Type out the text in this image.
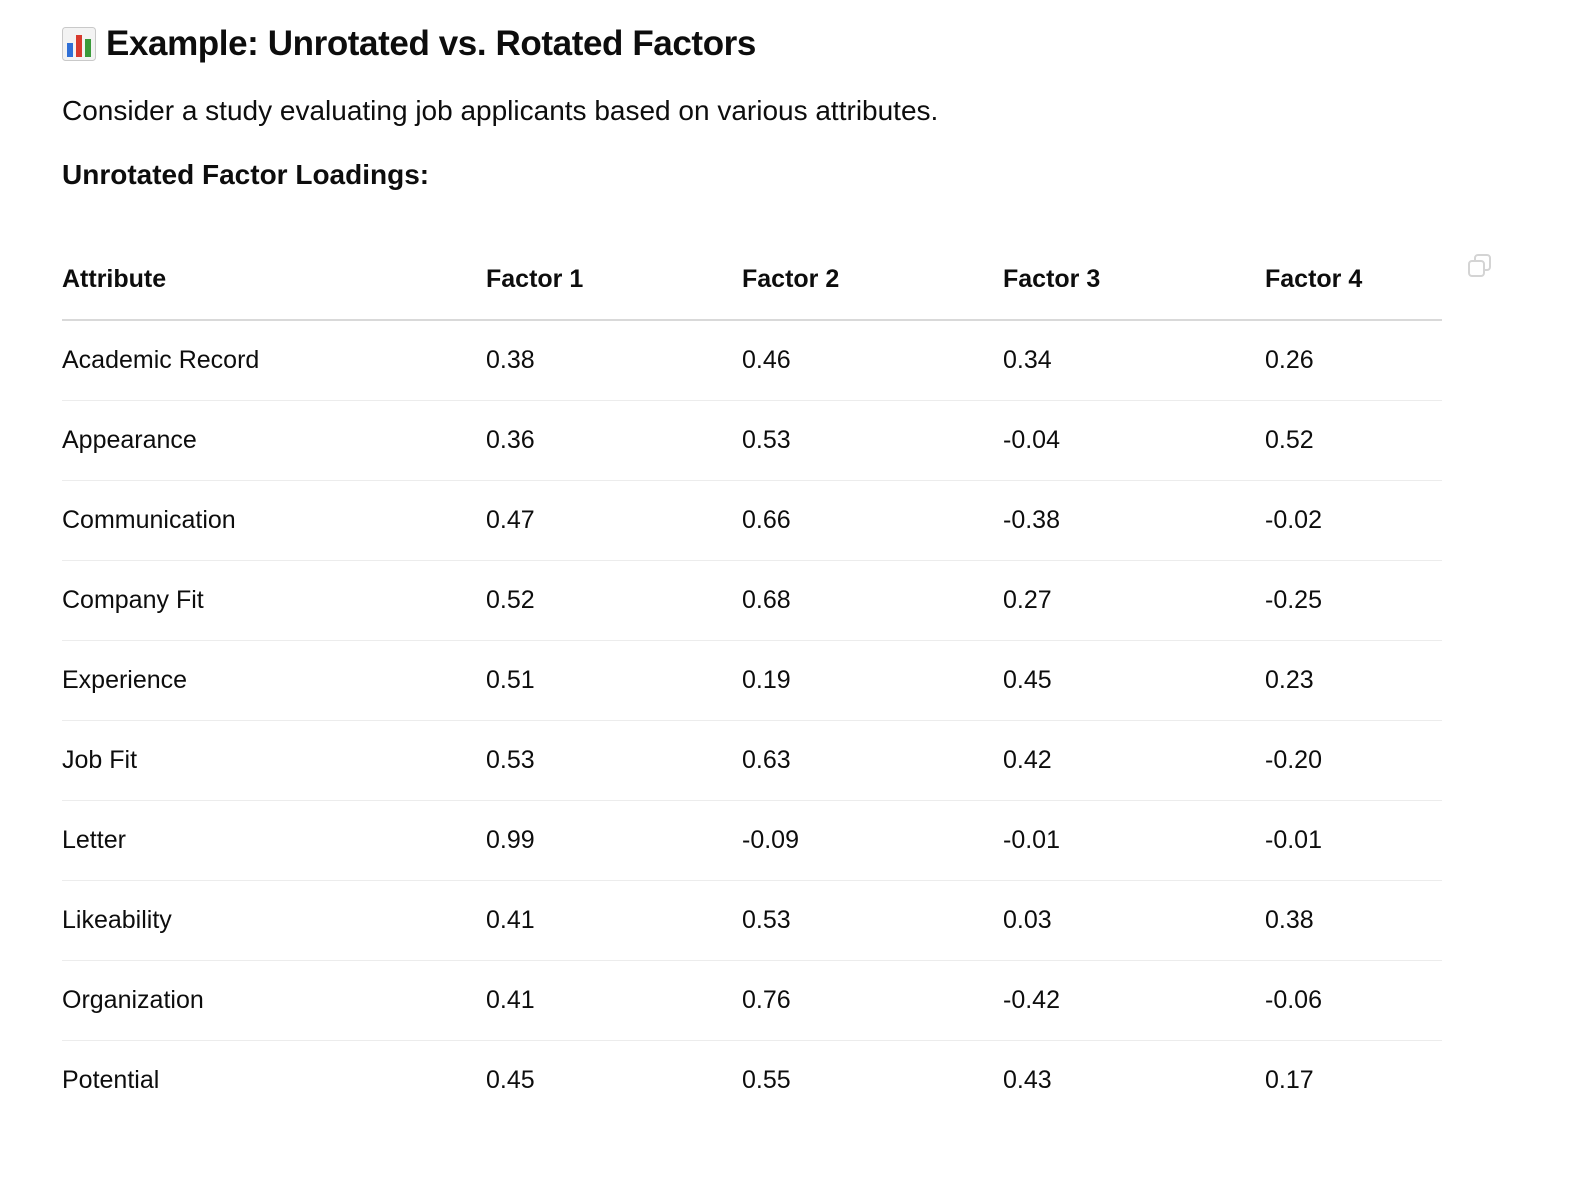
Example: Unrotated vs. Rotated Factors
Consider a study evaluating job applicants based on various attributes.
Unrotated Factor Loadings:
Attribute	Factor 1	Factor 2	Factor 3	Factor 4
Academic Record	0.38	0.46	0.34	0.26
Appearance	0.36	0.53	-0.04	0.52
Communication	0.47	0.66	-0.38	-0.02
Company Fit	0.52	0.68	0.27	-0.25
Experience	0.51	0.19	0.45	0.23
Job Fit	0.53	0.63	0.42	-0.20
Letter	0.99	-0.09	-0.01	-0.01
Likeability	0.41	0.53	0.03	0.38
Organization	0.41	0.76	-0.42	-0.06
Potential	0.45	0.55	0.43	0.17
